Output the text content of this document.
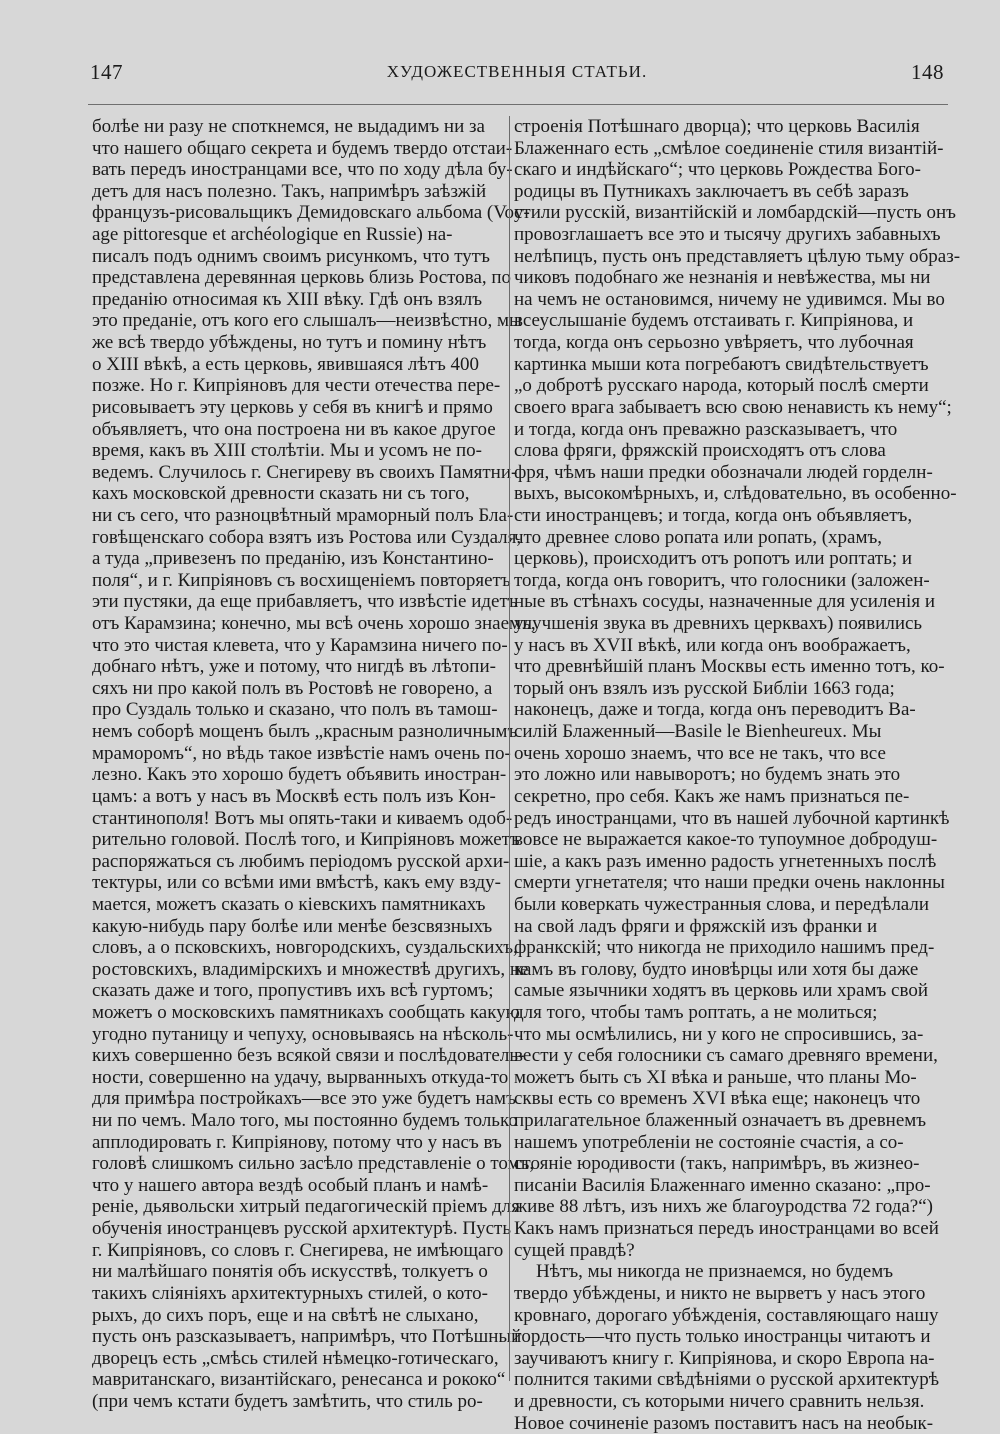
147	ХУДОЖЕСТВЕННЫЯ СТАТЬИ.	148
болѣе ни разу не споткнемся, не выдадимъ ни за
что нашего общаго секрета и будемъ твердо отстаи-
вать передъ иностранцами все, что по ходу дѣла бу-
детъ для насъ полезно. Такъ, напримѣръ заѣзжій
французъ-рисовальщикъ Демидовскаго альбома (Voy-
age pittoresque et archéologique en Russie) на-
писалъ подъ однимъ своимъ рисункомъ, что тутъ
представлена деревянная церковь близь Ростова, по
преданію относимая къ XIII вѣку. Гдѣ онъ взялъ
это преданіе, отъ кого его слышалъ—неизвѣстно, мы
же всѣ твердо убѣждены, но тутъ и помину нѣтъ
о XIII вѣкѣ, а есть церковь, явившаяся лѣтъ 400
позже. Но г. Кипріяновъ для чести отечества пере-
рисовываетъ эту церковь у себя въ книгѣ и прямо
объявляетъ, что она построена ни въ какое другое
время, какъ въ XIII столѣтіи. Мы и усомъ не по-
ведемъ. Случилось г. Снегиреву въ своихъ Памятни-
кахъ московской древности сказать ни съ того,
ни съ сего, что разноцвѣтный мраморный полъ Бла-
говѣщенскаго собора взятъ изъ Ростова или Суздаля,
а туда „привезенъ по преданію, изъ Константино-
поля“, и г. Кипріяновъ съ восхищеніемъ повторяетъ
эти пустяки, да еще прибавляетъ, что извѣстіе идетъ
отъ Карамзина; конечно, мы всѣ очень хорошо знаемъ,
что это чистая клевета, что у Карамзина ничего по-
добнаго нѣтъ, уже и потому, что нигдѣ въ лѣтопи-
сяхъ ни про какой полъ въ Ростовѣ не говорено, а
про Суздаль только и сказано, что полъ въ тамош-
немъ соборѣ мощенъ былъ „красным разноличнымъ
мраморомъ“, но вѣдь такое извѣстіе намъ очень по-
лезно. Какъ это хорошо будетъ объявить иностран-
цамъ: а вотъ у насъ въ Москвѣ есть полъ изъ Кон-
стантинополя! Вотъ мы опять-таки и киваемъ одоб-
рительно головой. Послѣ того, и Кипріяновъ можетъ
распоряжаться съ любимъ періодомъ русской архи-
тектуры, или со всѣми ими вмѣстѣ, какъ ему взду-
мается, можетъ сказать о кіевскихъ памятникахъ
какую-нибудь пару болѣе или менѣе безсвязныхъ
словъ, а о псковскихъ, новгородскихъ, суздальскихъ,
ростовскихъ, владимірскихъ и множествѣ другихъ, не
сказать даже и того, пропустивъ ихъ всѣ гуртомъ;
можетъ о московскихъ памятникахъ сообщать какую
угодно путаницу и чепуху, основываясь на нѣсколь-
кихъ совершенно безъ всякой связи и послѣдователь-
ности, совершенно на удачу, вырванныхъ откуда-то
для примѣра постройкахъ—все это уже будетъ намъ
ни по чемъ. Мало того, мы постоянно будемъ только
апплодировать г. Кипріянову, потому что у насъ въ
головѣ слишкомъ сильно засѣло представленіе о томъ,
что у нашего автора вездѣ особый планъ и намѣ-
реніе, дьявольски хитрый педагогическій пріемъ для
обученія иностранцевъ русской архитектурѣ. Пусть
г. Кипріяновъ, со словъ г. Снегирева, не имѣющаго
ни малѣйшаго понятія объ искусствѣ, толкуетъ о
такихъ сліяніяхъ архитектурныхъ стилей, о кото-
рыхъ, до сихъ поръ, еще и на свѣтѣ не слыхано,
пусть онъ разсказываетъ, напримѣръ, что Потѣшный
дворецъ есть „смѣсь стилей нѣмецко-готическаго,
мавританскаго, византійскаго, ренесанса и рококо“
(при чемъ кстати будетъ замѣтить, что стиль ро-
строенія Потѣшнаго дворца); что церковь Василія
Блаженнаго есть „смѣлое соединеніе стиля византій-
скаго и индѣйскаго“; что церковь Рождества Бого-
родицы въ Путникахъ заключаетъ въ себѣ заразъ
стили русскій, византійскій и ломбардскій—пусть онъ
провозглашаетъ все это и тысячу другихъ забавныхъ
нелѣпицъ, пусть онъ представляетъ цѣлую тьму образ-
чиковъ подобнаго же незнанія и невѣжества, мы ни
на чемъ не остановимся, ничему не удивимся. Мы во
всеуслышаніе будемъ отстаивать г. Кипріянова, и
тогда, когда онъ серьозно увѣряетъ, что лубочная
картинка мыши кота погребаютъ свидѣтельствуетъ
„о добротѣ русскаго народа, который послѣ смерти
своего врага забываетъ всю свою ненависть къ нему“;
и тогда, когда онъ преважно разсказываетъ, что
слова фряги, фряжскій происходятъ отъ слова
фря, чѣмъ наши предки обозначали людей горделн-
выхъ, высокомѣрныхъ, и, слѣдовательно, въ особенно-
сти иностранцевъ; и тогда, когда онъ объявляетъ,
что древнее слово ропата или ропать, (храмъ,
церковь), происходитъ отъ ропотъ или роптать; и
тогда, когда онъ говоритъ, что голосники (заложен-
ные въ стѣнахъ сосуды, назначенные для усиленія и
улучшенія звука въ древнихъ церквахъ) появились
у насъ въ XVII вѣкѣ, или когда онъ воображаетъ,
что древнѣйшій планъ Москвы есть именно тотъ, ко-
торый онъ взялъ изъ русской Библіи 1663 года;
наконецъ, даже и тогда, когда онъ переводитъ Ва-
силій Блаженный—Basile le Bienheureux. Мы
очень хорошо знаемъ, что все не такъ, что все
это ложно или навыворотъ; но будемъ знать это
секретно, про себя. Какъ же намъ признаться пе-
редъ иностранцами, что въ нашей лубочной картинкѣ
вовсе не выражается какое-то тупоумное добродуш-
шіе, а какъ разъ именно радость угнетенныхъ послѣ
смерти угнетателя; что наши предки очень наклонны
были коверкать чужестранныя слова, и передѣлали
на свой ладъ фряги и фряжскій изъ франки и
франкскій; что никогда не приходило нашимъ пред-
камъ въ голову, будто иновѣрцы или хотя бы даже
самые язычники ходятъ въ церковь или храмъ свой
для того, чтобы тамъ роптать, а не молиться;
что мы осмѣлились, ни у кого не спросившись, за-
вести у себя голосники съ самаго древняго времени,
можетъ быть съ XI вѣка и раньше, что планы Мо-
сквы есть со временъ XVI вѣка еще; наконецъ что
прилагательное блаженный означаетъ въ древнемъ
нашемъ употребленіи не состояніе счастія, а со-
стояніе юродивости (такъ, напримѣръ, въ жизнео-
писаніи Василія Блаженнаго именно сказано: „про-
живе 88 лѣтъ, изъ нихъ же благоуродства 72 года?“)
Какъ намъ признаться передъ иностранцами во всей
сущей правдѣ?
Нѣтъ, мы никогда не признаемся, но будемъ
твердо убѣждены, и никто не вырветъ у насъ этого
кровнаго, дорогаго убѣжденія, составляющаго нашу
гордость—что пусть только иностранцы читаютъ и
заучиваютъ книгу г. Кипріянова, и скоро Европа на-
полнится такими свѣдѣніями о русской архитектурѣ
и древности, съ которыми ничего сравнить нельзя.
Новое сочиненіе разомъ поставитъ насъ на необык-
